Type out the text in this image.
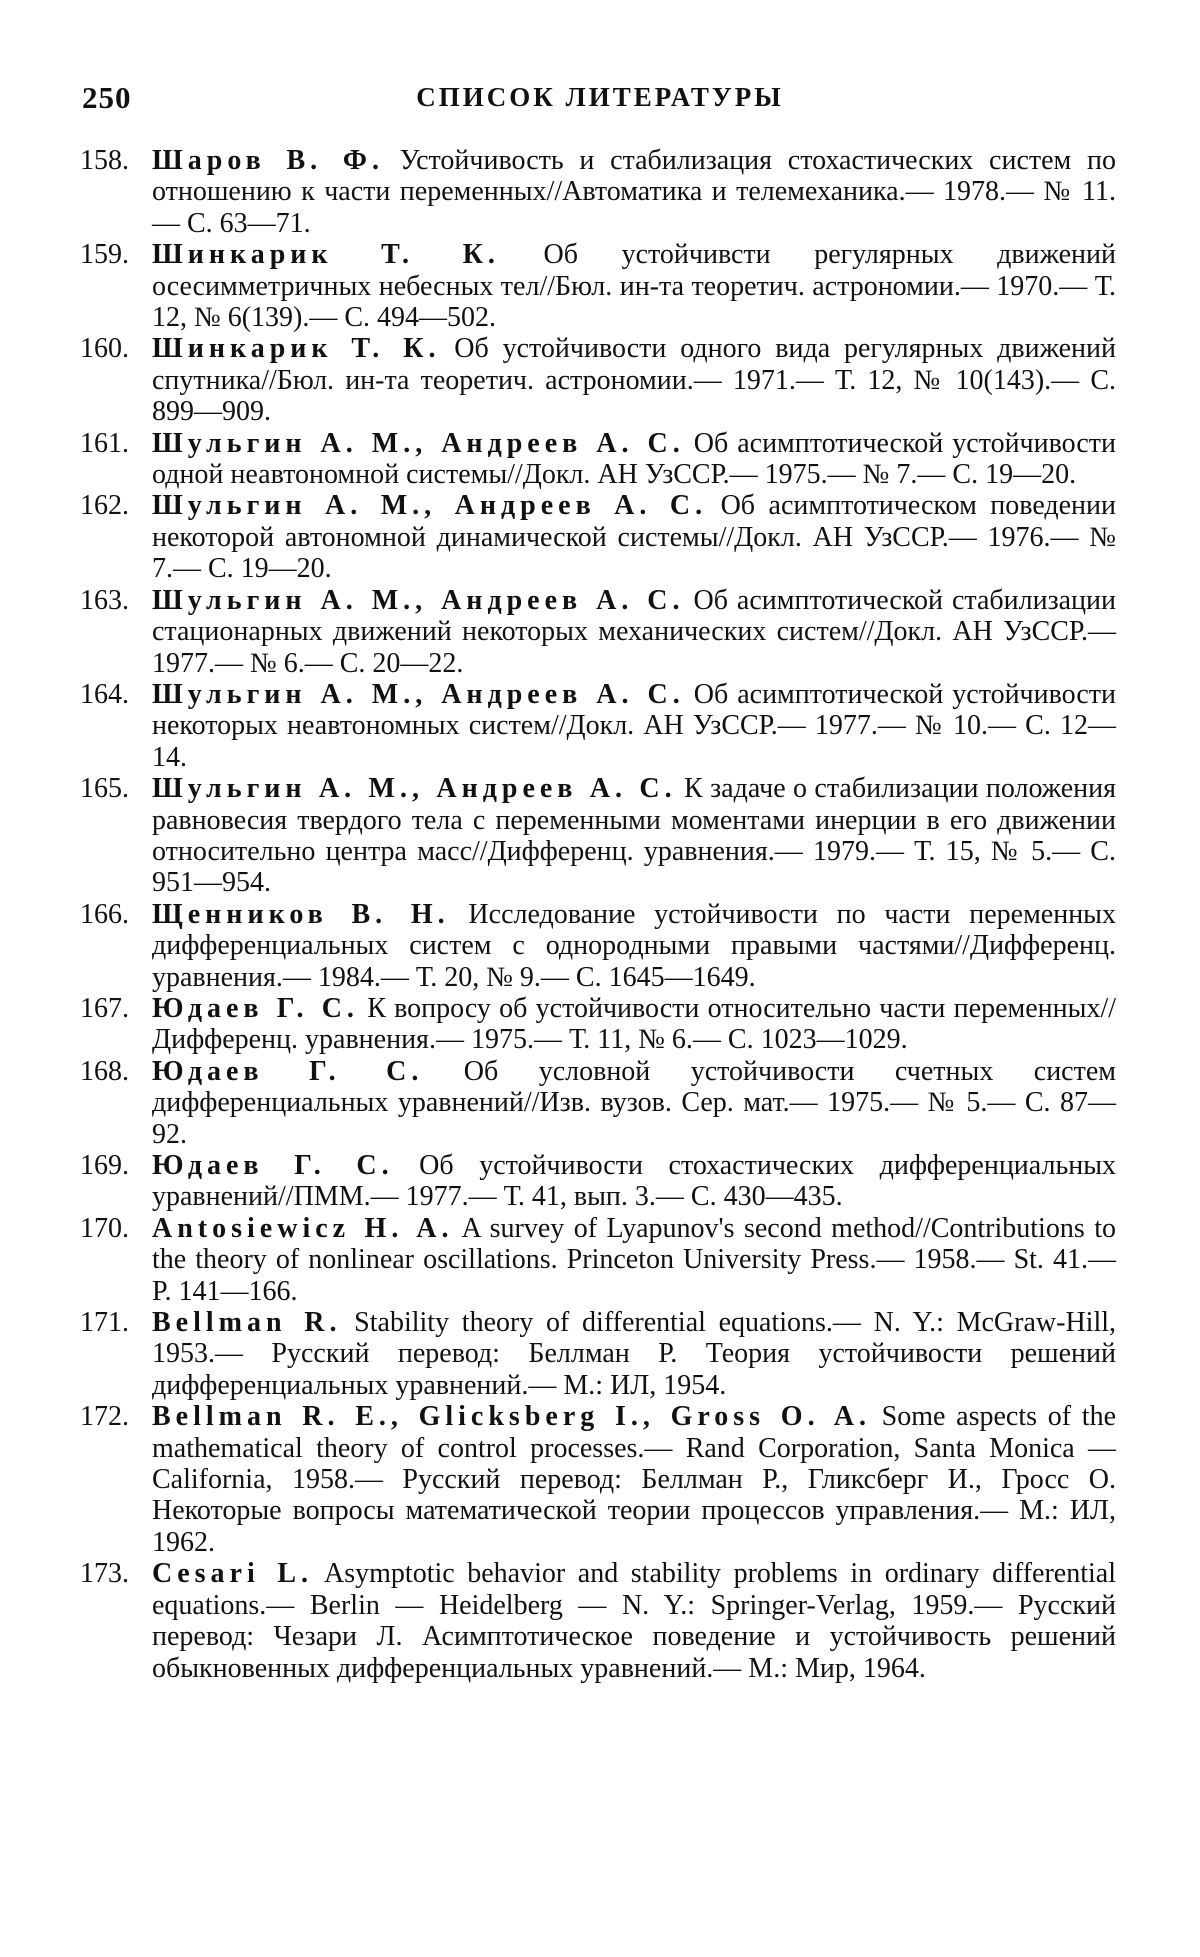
250	СПИСОК ЛИТЕРАТУРЫ

158. Шаров В. Ф. Устойчивость и стабилизация стохастических систем по отношению к части переменных//Автоматика и телемеханика.— 1978.— № 11.— С. 63—71.

159. Шинкарик Т. К. Об устойчивсти регулярных движений осесимметричных небесных тел//Бюл. ин-та теоретич. астрономии.— 1970.— Т. 12, № 6(139).— С. 494—502.

160. Шинкарик Т. К. Об устойчивости одного вида регулярных движений спутника//Бюл. ин-та теоретич. астрономии.— 1971.— Т. 12, № 10(143).— С. 899—909.

161. Шульгин А. М., Андреев А. С. Об асимптотической устойчивости одной неавтономной системы//Докл. АН УзССР.— 1975.— № 7.— С. 19—20.

162. Шульгин А. М., Андреев А. С. Об асимптотическом поведении некоторой автономной динамической системы//Докл. АН УзССР.— 1976.— № 7.— С. 19—20.

163. Шульгин А. М., Андреев А. С. Об асимптотической стабилизации стационарных движений некоторых механических систем//Докл. АН УзССР.— 1977.— № 6.— С. 20—22.

164. Шульгин А. М., Андреев А. С. Об асимптотической устойчивости некоторых неавтономных систем//Докл. АН УзССР.— 1977.— № 10.— С. 12—14.

165. Шульгин А. М., Андреев А. С. К задаче о стабилизации положения равновесия твердого тела с переменными моментами инерции в его движении относительно центра масс//Дифференц. уравнения.— 1979.— Т. 15, № 5.— С. 951—954.

166. Щенников В. Н. Исследование устойчивости по части переменных дифференциальных систем с однородными правыми частями//Дифференц. уравнения.— 1984.— Т. 20, № 9.— С. 1645—1649.

167. Юдаев Г. С. К вопросу об устойчивости относительно части переменных//Дифференц. уравнения.— 1975.— Т. 11, № 6.— С. 1023—1029.

168. Юдаев Г. С. Об условной устойчивости счетных систем дифференциальных уравнений//Изв. вузов. Сер. мат.— 1975.— № 5.— С. 87—92.

169. Юдаев Г. С. Об устойчивости стохастических дифференциальных уравнений//ПММ.— 1977.— Т. 41, вып. 3.— С. 430—435.

170. Antosiewicz H. A. A survey of Lyapunov's second method//Contributions to the theory of nonlinear oscillations. Princeton University Press.— 1958.— St. 41.— P. 141—166.

171. Bellman R. Stability theory of differential equations.— N. Y.: McGraw-Hill, 1953.— Русский перевод: Беллман Р. Теория устойчивости решений дифференциальных уравнений.— М.: ИЛ, 1954.

172. Bellman R. E., Glicksberg I., Gross O. A. Some aspects of the mathematical theory of control processes.— Rand Corporation, Santa Monica — California, 1958.— Русский перевод: Беллман Р., Гликсберг И., Гросс О. Некоторые вопросы математической теории процессов управления.— М.: ИЛ, 1962.

173. Cesari L. Asymptotic behavior and stability problems in ordinary differential equations.— Berlin — Heidelberg — N. Y.: Springer-Verlag, 1959.— Русский перевод: Чезари Л. Асимптотическое поведение и устойчивость решений обыкновенных дифференциальных уравнений.— М.: Мир, 1964.
